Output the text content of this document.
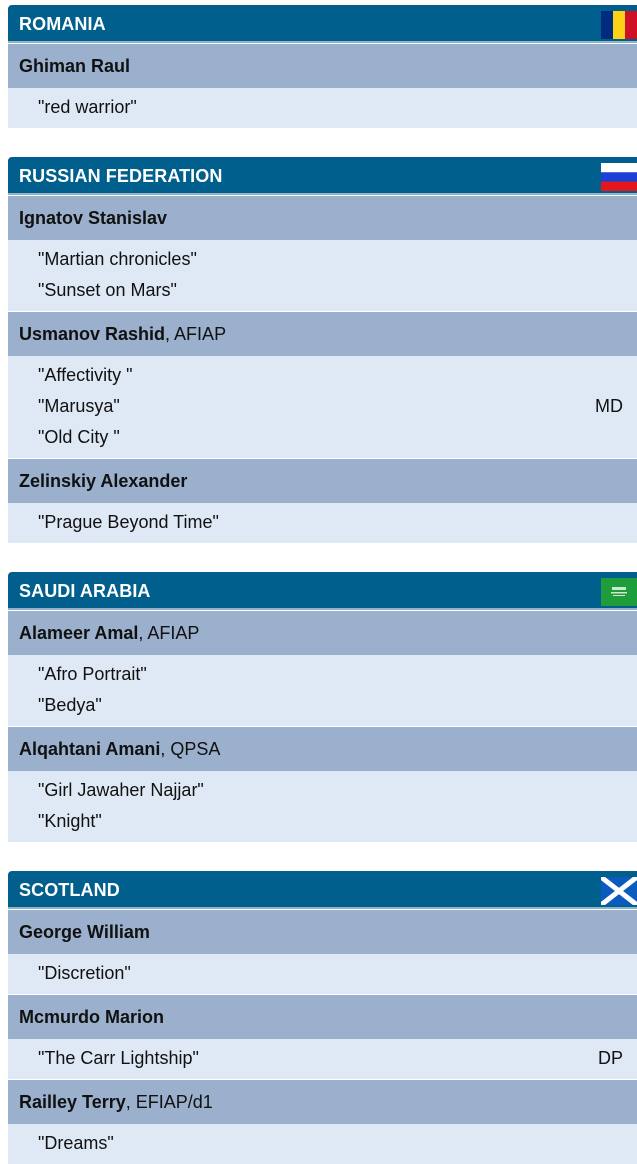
ROMANIA
Ghiman Raul
"red warrior"
RUSSIAN FEDERATION
Ignatov Stanislav
"Martian chronicles"
"Sunset on Mars"
Usmanov Rashid, AFIAP
"Affectivity "
"Marusya"	MD
"Old City "
Zelinskiy Alexander
"Prague Beyond Time"
SAUDI ARABIA
Alameer Amal, AFIAP
"Afro Portrait"
"Bedya"
Alqahtani Amani, QPSA
"Girl Jawaher Najjar"
"Knight"
SCOTLAND
George William
"Discretion"
Mcmurdo Marion
"The Carr Lightship"	DP
Railley Terry, EFIAP/d1
"Dreams"
